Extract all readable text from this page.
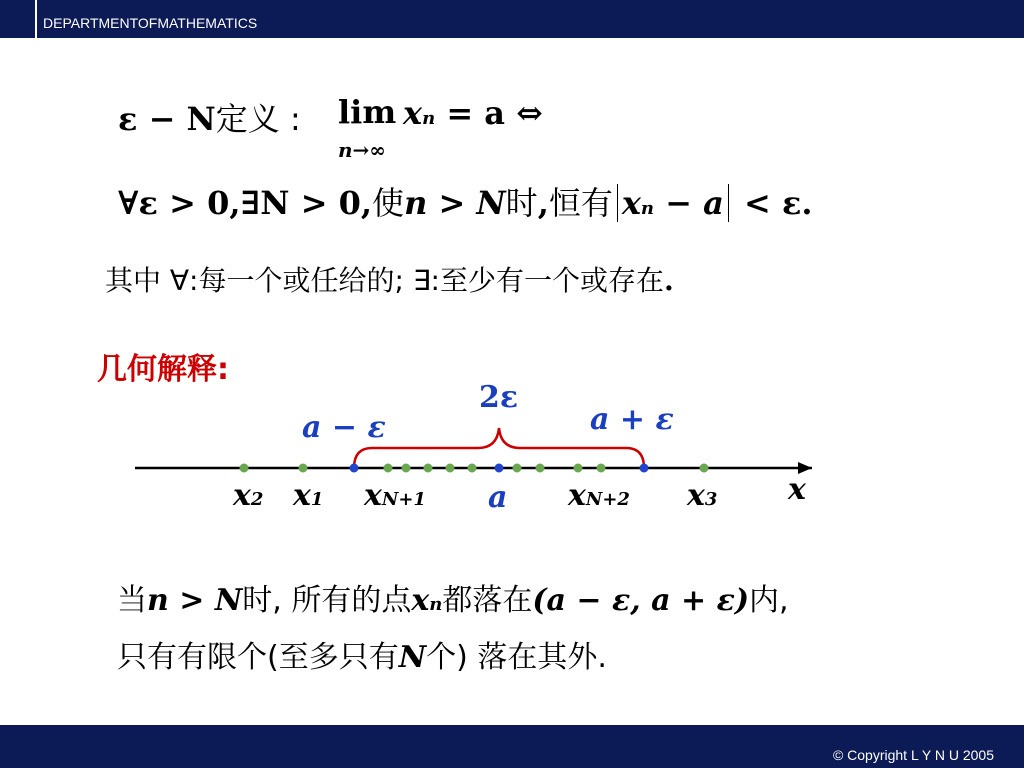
DEPARTMENTOFMATHEMATICS
ε − N定义 : lim
n→∞
xn = a ⇔
∀ε > 0,∃N > 0,使n > N时,恒有 xn − a < ε.
其中 ∀:每一个或任给的; ∃:至少有一个或存在.
几何解释:
2ε
a − ε	a + ε
x
x2 x1 xN+1 a xN+2 x3
当n > N时, 所有的点xn都落在(a − ε, a + ε)内,
只有有限个(至多只有N个) 落在其外.
© Copyright L Y N U 2005
